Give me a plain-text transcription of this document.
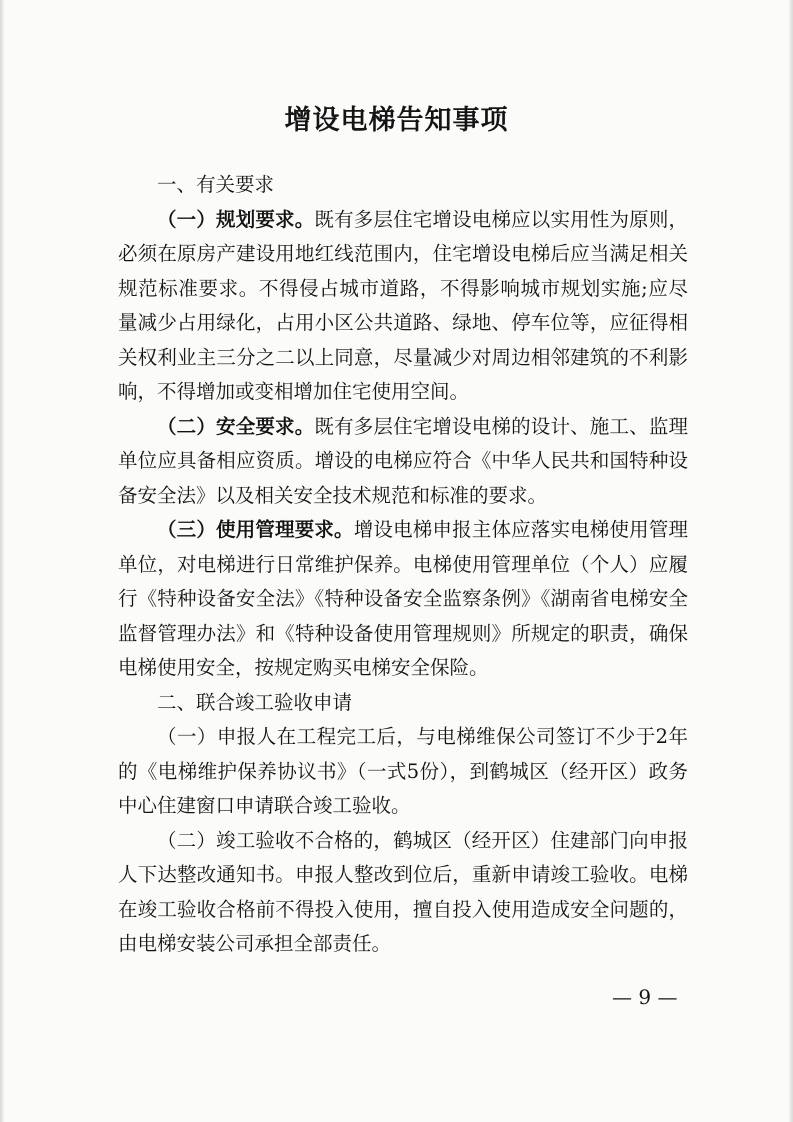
增设电梯告知事项

一、有关要求

（一）规划要求。既有多层住宅增设电梯应以实用性为原则，必须在原房产建设用地红线范围内，住宅增设电梯后应当满足相关规范标准要求。不得侵占城市道路，不得影响城市规划实施;应尽量减少占用绿化，占用小区公共道路、绿地、停车位等，应征得相关权利业主三分之二以上同意，尽量减少对周边相邻建筑的不利影响，不得增加或变相增加住宅使用空间。

（二）安全要求。既有多层住宅增设电梯的设计、施工、监理单位应具备相应资质。增设的电梯应符合《中华人民共和国特种设备安全法》以及相关安全技术规范和标准的要求。

（三）使用管理要求。增设电梯申报主体应落实电梯使用管理单位，对电梯进行日常维护保养。电梯使用管理单位（个人）应履行《特种设备安全法》《特种设备安全监察条例》《湖南省电梯安全监督管理办法》和《特种设备使用管理规则》所规定的职责，确保电梯使用安全，按规定购买电梯安全保险。

二、联合竣工验收申请

（一）申报人在工程完工后，与电梯维保公司签订不少于2年的《电梯维护保养协议书》（一式5份），到鹤城区（经开区）政务中心住建窗口申请联合竣工验收。

（二）竣工验收不合格的，鹤城区（经开区）住建部门向申报人下达整改通知书。申报人整改到位后，重新申请竣工验收。电梯在竣工验收合格前不得投入使用，擅自投入使用造成安全问题的，由电梯安装公司承担全部责任。

— 9 —
